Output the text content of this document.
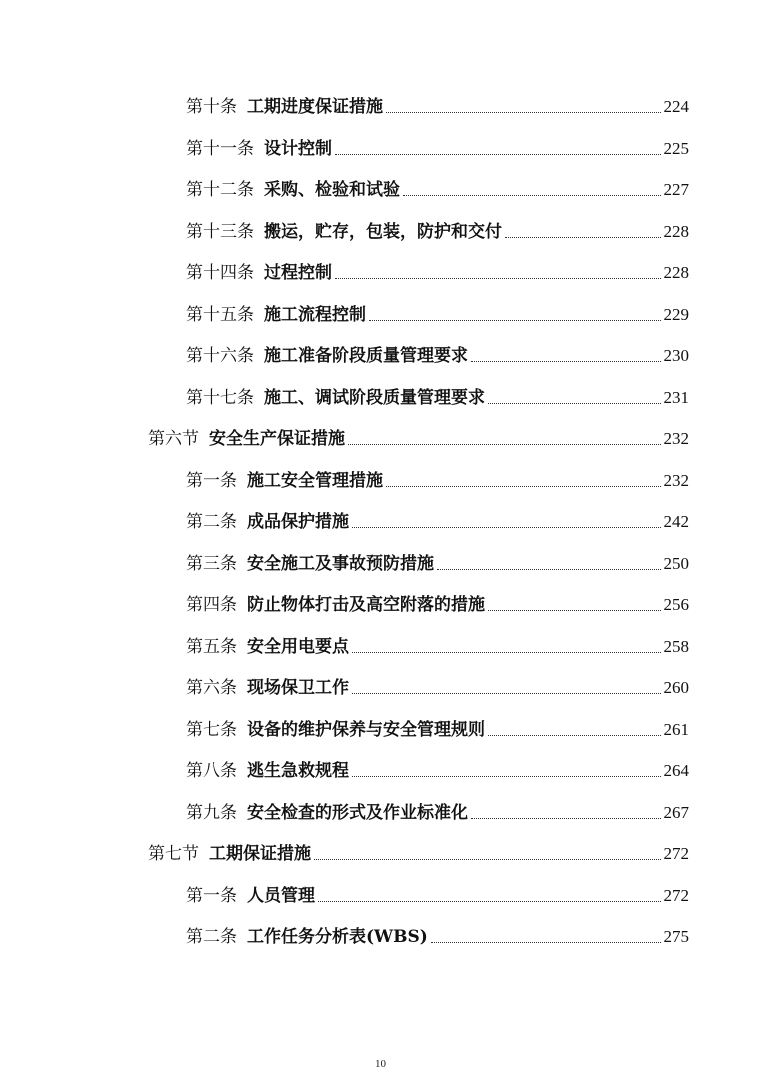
第十条 工期进度保证措施	224
第十一条 设计控制	225
第十二条 采购、检验和试验	227
第十三条 搬运，贮存，包装，防护和交付	228
第十四条 过程控制	228
第十五条 施工流程控制	229
第十六条 施工准备阶段质量管理要求	230
第十七条 施工、调试阶段质量管理要求	231
第六节 安全生产保证措施	232
第一条 施工安全管理措施	232
第二条 成品保护措施	242
第三条 安全施工及事故预防措施	250
第四条 防止物体打击及高空附落的措施	256
第五条 安全用电要点	258
第六条 现场保卫工作	260
第七条 设备的维护保养与安全管理规则	261
第八条 逃生急救规程	264
第九条 安全检查的形式及作业标准化	267
第七节 工期保证措施	272
第一条 人员管理	272
第二条 工作任务分析表(WBS)	275
10
